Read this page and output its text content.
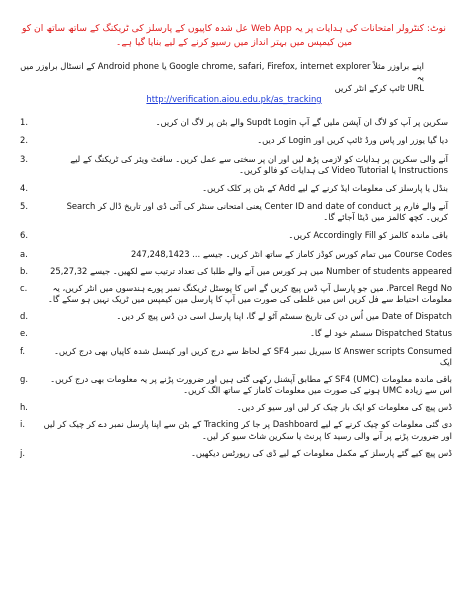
نوٹ: کنٹرولر امتحانات کی ہدایات پر یہ Web App عل شدہ کاپیوں کے پارسلز کی ٹریکنگ کے ساتھ ساتھ ان کو مین کیمپس میں بہتر انداز میں رسیو کرنے کے لیے بنایا گیا ہے۔

اپنے براوزر مثلاً Google chrome, safari, Firefox, internet explorer یا Android phone کے انسٹال براوزر میں یہ
URL ٹائپ کرکے انٹر کریں

http://verification.aiou.edu.pk/as_tracking
سکرین پر آپ کو لاگ ان آپشن ملیں گے آپ Supdt Login والے بٹن پر لاگ ان کریں۔
1.
دیا گیا یوزر اور پاس ورڈ ٹائپ کریں اور Login کر دیں۔
2.
آنے والی سکرین پر ہدایات کو لازمی پڑھ لیں اور ان پر سختی سے عمل کریں۔ سافٹ ویئر کی ٹریکنگ کے لیے Instructions یا Video Tutorial کی ہدایات کو فالو کریں۔
3.
بنڈل یا پارسلز کی معلومات ایڈ کرنے کے لیے Add کے بٹن پر کلک کریں۔
4.
آنے والے فارم پر Center ID and date of conduct یعنی امتحانی سنٹر کی آئی ڈی اور تاریخ ڈال کر Search کریں۔ کچھ کالمز میں ڈیٹا آجائے گا۔
5.
باقی ماندہ کالمز کو Accordingly Fill کریں۔
6.
Course Codes میں تمام کورس کوڈز کاماز کے ساتھ انٹر کریں۔ جیسے ... 247,248,1423
a.
Number of students appeared میں ہر کورس میں آنے والے طلبا کی تعداد ترتیب سے لکھیں۔ جیسے 25,27,32
b.
Parcel Regd No. میں جو پارسل آپ ڈس پیچ کریں گے اس کا پوسٹل ٹریکنگ نمبر پورے ہندسوں میں انٹر کریں، یہ معلومات احتیاط سے فل کریں اس میں غلطی کی صورت میں آپ کا پارسل مین کیمپس میں ٹریک نہیں ہو سکے گا۔
c.
Date of Dispatch میں اُس دن کی تاریخ سسٹم آٹو لے گا، اپنا پارسل اسی دن ڈس پیچ کر دیں۔
d.
Dispatched Status سسٹم خود لے گا۔
e.
Answer scripts Consumed کا سیریل نمبر SF4 کے لحاظ سے درج کریں اور کینسل شدہ کاپیاں بھی درج کریں۔ ایک
f.
باقی ماندہ معلومات (UMC) SF4 کے مطابق آپشنل رکھی گئی ہیں اور ضرورت پڑنے پر یہ معلومات بھی درج کریں۔ اس سے زیادہ UMC ہونے کی صورت میں معلومات کاماز کے ساتھ الگ کریں۔
g.
ڈس پیچ کی معلومات کو ایک بار چیک کر لیں اور سیو کر دیں۔
h.
دی گئی معلومات کو چیک کرنے کے لیے Dashboard پر جا کر Tracking کے بٹن سے اپنا پارسل نمبر دے کر چیک کر لیں اور ضرورت پڑنے پر آنے والی رسید کا پرنٹ یا سکرین شاٹ سیو کر لیں۔
i.
ڈس پیچ کیے گئے پارسلز کے مکمل معلومات کے لیے ڈی کی رپورٹس دیکھیں۔
j.
